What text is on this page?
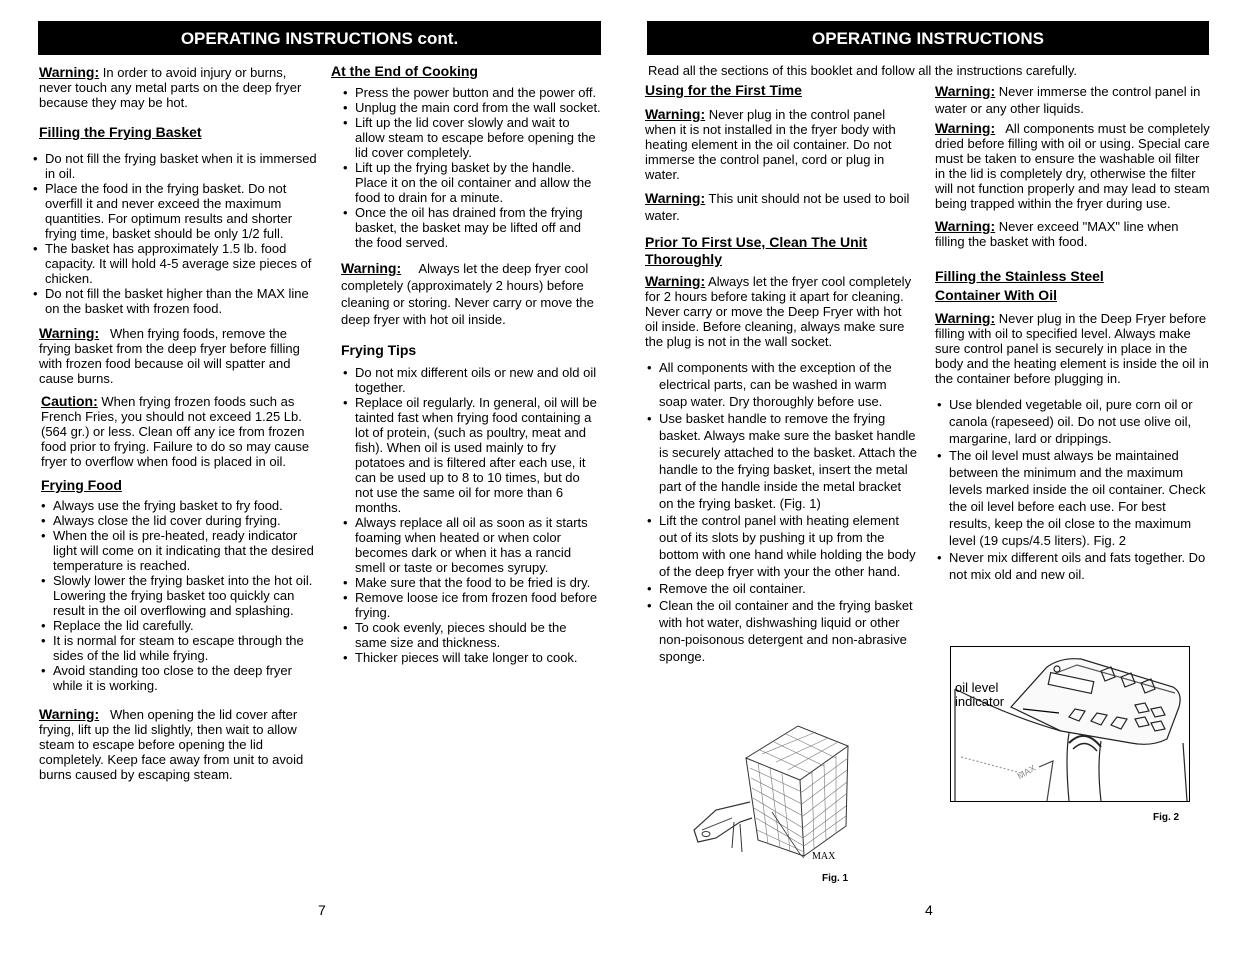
OPERATING INSTRUCTIONS cont.	OPERATING INSTRUCTIONS
Warning: In order to avoid injury or burns, never touch any metal parts on the deep fryer because they may be hot.
Filling the Frying Basket
• Do not fill the frying basket when it is immersed in oil.
• Place the food in the frying basket. Do not overfill it and never exceed the maximum quantities. For optimum results and shorter frying time, basket should be only 1/2 full.
• The basket has approximately 1.5 lb. food capacity. It will hold 4-5 average size pieces of chicken.
• Do not fill the basket higher than the MAX line on the basket with frozen food.
Warning: When frying foods, remove the frying basket from the deep fryer before filling with frozen food because oil will spatter and cause burns.
Caution: When frying frozen foods such as French Fries, you should not exceed 1.25 Lb. (564 gr.) or less. Clean off any ice from frozen food prior to frying. Failure to do so may cause fryer to overflow when food is placed in oil.
Frying Food
• Always use the frying basket to fry food.
• Always close the lid cover during frying.
• When the oil is pre-heated, ready indicator light will come on it indicating that the desired temperature is reached.
• Slowly lower the frying basket into the hot oil. Lowering the frying basket too quickly can result in the oil overflowing and splashing.
• Replace the lid carefully.
• It is normal for steam to escape through the sides of the lid while frying.
• Avoid standing too close to the deep fryer while it is working.
Warning: When opening the lid cover after frying, lift up the lid slightly, then wait to allow steam to escape before opening the lid completely. Keep face away from unit to avoid burns caused by escaping steam.
At the End of Cooking
• Press the power button and the power off.
• Unplug the main cord from the wall socket.
• Lift up the lid cover slowly and wait to allow steam to escape before opening the lid cover completely.
• Lift up the frying basket by the handle. Place it on the oil container and allow the food to drain for a minute.
• Once the oil has drained from the frying basket, the basket may be lifted off and the food served.
Warning: Always let the deep fryer cool completely (approximately 2 hours) before cleaning or storing. Never carry or move the deep fryer with hot oil inside.
Frying Tips
• Do not mix different oils or new and old oil together.
• Replace oil regularly. In general, oil will be tainted fast when frying food containing a lot of protein, (such as poultry, meat and fish). When oil is used mainly to fry potatoes and is filtered after each use, it can be used up to 8 to 10 times, but do not use the same oil for more than 6 months.
• Always replace all oil as soon as it starts foaming when heated or when color becomes dark or when it has a rancid smell or taste or becomes syrupy.
• Make sure that the food to be fried is dry.
• Remove loose ice from frozen food before frying.
• To cook evenly, pieces should be the same size and thickness.
• Thicker pieces will take longer to cook.
7
Read all the sections of this booklet and follow all the instructions carefully.
Using for the First Time
Warning: Never plug in the control panel when it is not installed in the fryer body with heating element in the oil container. Do not immerse the control panel, cord or plug in water.
Warning: This unit should not be used to boil water.
Prior To First Use, Clean The Unit Thoroughly
Warning: Always let the fryer cool completely for 2 hours before taking it apart for cleaning. Never carry or move the Deep Fryer with hot oil inside. Before cleaning, always make sure the plug is not in the wall socket.
• All components with the exception of the electrical parts, can be washed in warm soap water. Dry thoroughly before use.
• Use basket handle to remove the frying basket. Always make sure the basket handle is securely attached to the basket. Attach the handle to the frying basket, insert the metal part of the handle inside the metal bracket on the frying basket. (Fig. 1)
• Lift the control panel with heating element out of its slots by pushing it up from the bottom with one hand while holding the body of the deep fryer with your the other hand.
• Remove the oil container.
• Clean the oil container and the frying basket with hot water, dishwashing liquid or other non-poisonous detergent and non-abrasive sponge.
MAX
Fig. 1
Warning: Never immerse the control panel in water or any other liquids.
Warning: All components must be completely dried before filling with oil or using. Special care must be taken to ensure the washable oil filter in the lid is completely dry, otherwise the filter will not function properly and may lead to steam being trapped within the fryer during use.
Warning: Never exceed "MAX" line when filling the basket with food.
Filling the Stainless Steel Container With Oil
Warning: Never plug in the Deep Fryer before filling with oil to specified level. Always make sure control panel is securely in place in the body and the heating element is inside the oil in the container before plugging in.
• Use blended vegetable oil, pure corn oil or canola (rapeseed) oil. Do not use olive oil, margarine, lard or drippings.
• The oil level must always be maintained between the minimum and the maximum levels marked inside the oil container. Check the oil level before each use. For best results, keep the oil close to the maximum level (19 cups/4.5 liters). Fig. 2
• Never mix different oils and fats together. Do not mix old and new oil.
oil level indicator
MAX
Fig. 2
4
